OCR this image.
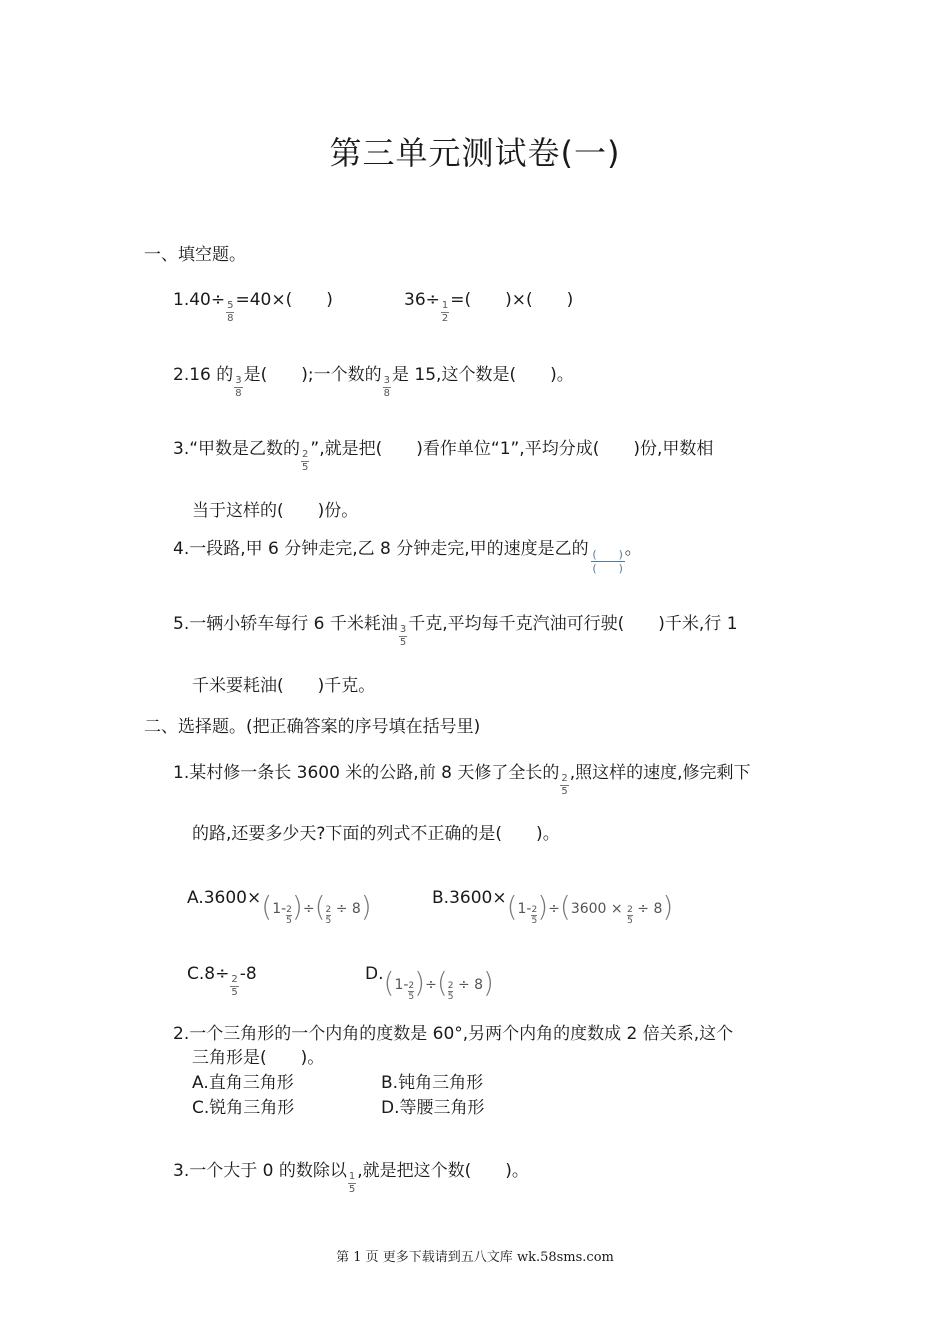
第三单元测试卷(一)
一、填空题。
$1.40\div \frac{5}{8} =40\times$(　　)	$36\div \frac{1}{2}$ =(　　)×(　　)
2.16 的 $\frac{3}{8}$ 是(　　);一个数的 $\frac{3}{8}$ 是 15,这个数是(　　)。
3.“甲数是乙数的 $\frac{2}{5}$ ”,就是把(　　)看作单位“1”,平均分成(　　)份,甲数相
当于这样的(　　)份。
4.一段路,甲 6 分钟走完,乙 8 分钟走完,甲的速度是乙的 (　　)
(　　)
。
5.一辆小轿车每行 6 千米耗油 $\frac{3}{5}$ 千克,平均每千克汽油可行驶(　　)千米,行 1
千米要耗油(　　)千克。
二、选择题。(把正确答案的序号填在括号里)
1.某村修一条长 3600 米的公路,前 8 天修了全长的 $\frac{2}{5}$ ,照这样的速度,修完剩下
的路,还要多少天?下面的列式不正确的是(　　)。
$A.3600\times(1- \frac{2}{5})\div( \frac{2}{5} \div 8)$	$B.3600\times(1- \frac{2}{5})\div(3600 \times \frac{2}{5} \div 8)$
$C.8\div \frac{2}{5} -8$	$D.(1- \frac{2}{5})\div( \frac{2}{5} \div 8)$
2.一个三角形的一个内角的度数是 60°,另两个内角的度数成 2 倍关系,这个
三角形是(　　)。
A.直角三角形	B.钝角三角形
C.锐角三角形	D.等腰三角形
3.一个大于 0 的数除以 $\frac{1}{5}$ ,就是把这个数(　　)。
第 1 页 更多下载请到五八文库 wk.58sms.com
